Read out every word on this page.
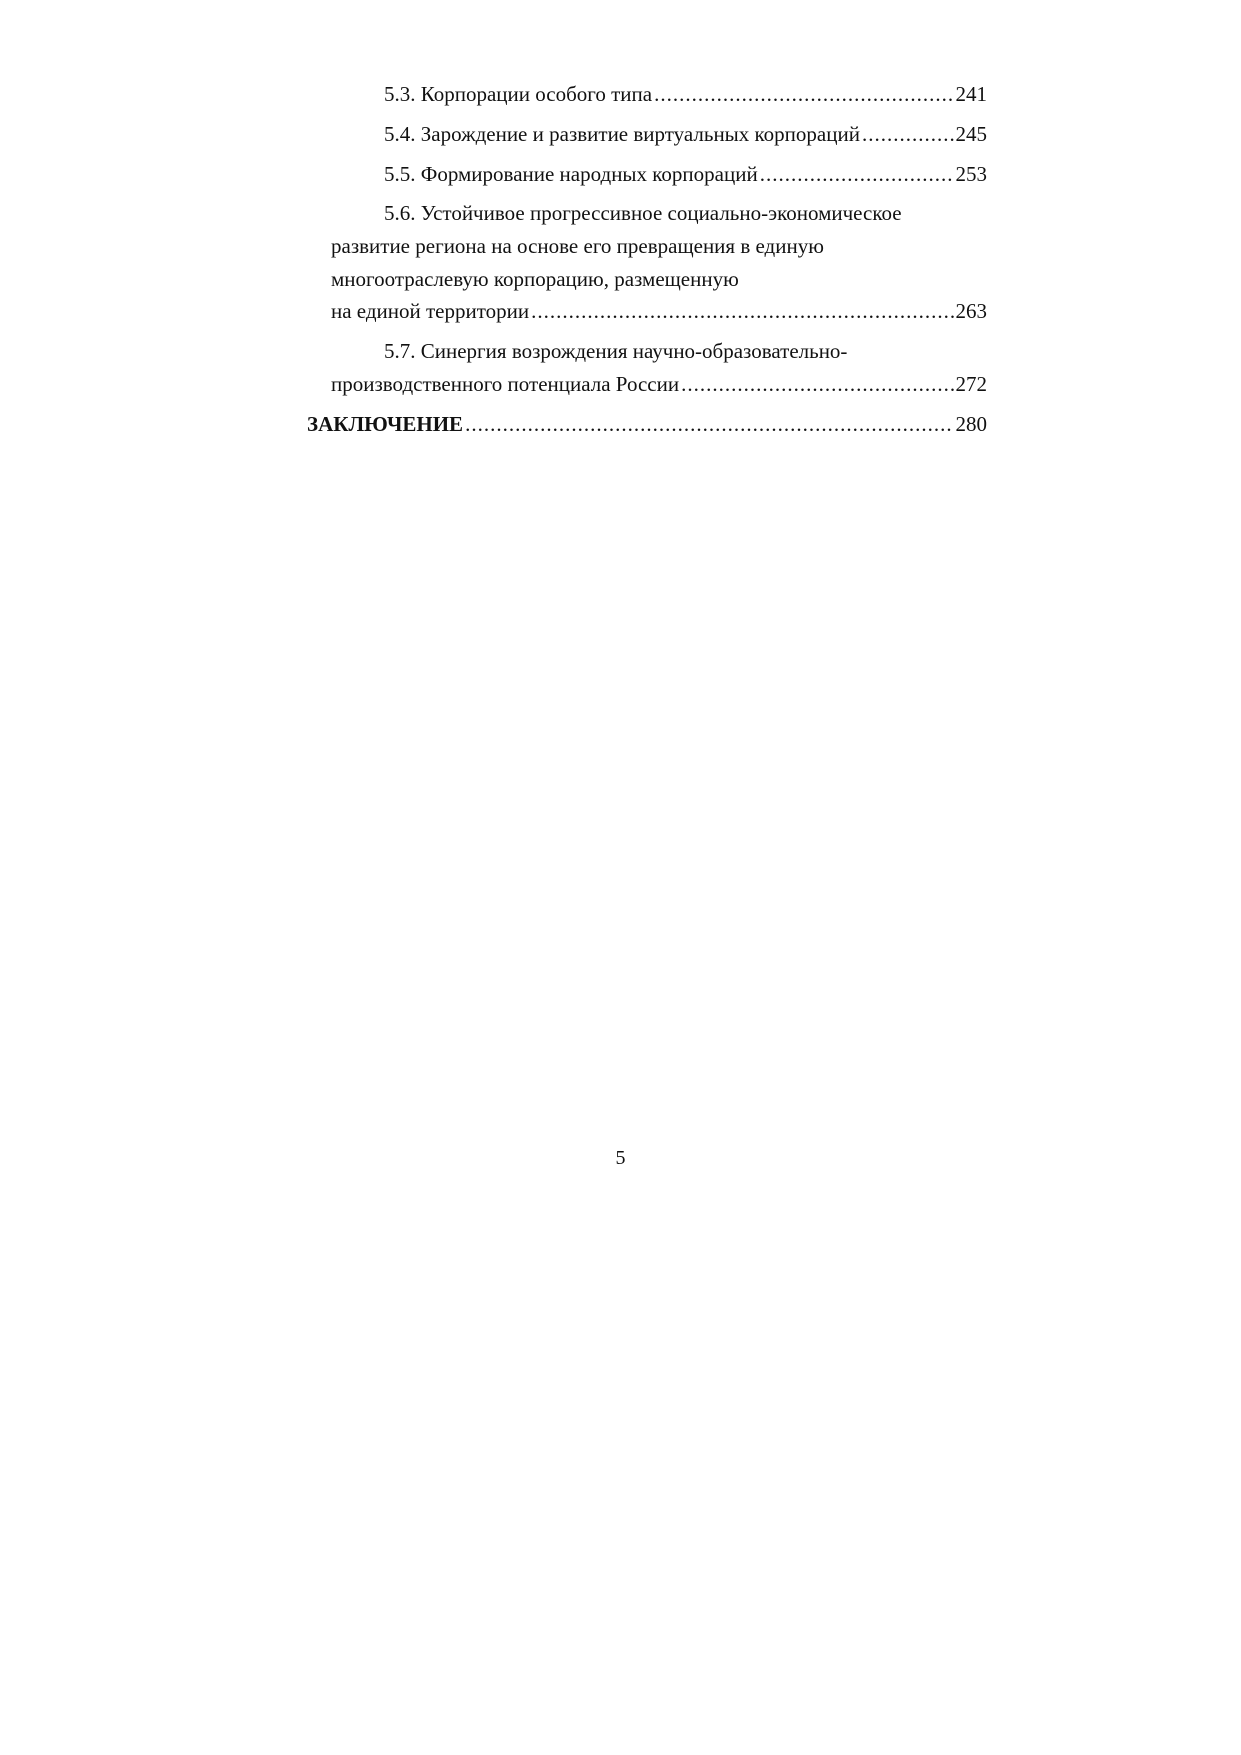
5.3. Корпорации особого типа .....	241
5.4. Зарождение и развитие виртуальных корпораций .....	245
5.5. Формирование народных корпораций .....	253
5.6. Устойчивое прогрессивное социально-экономическое
развитие региона на основе его превращения в единую
многоотраслевую корпорацию, размещенную
на единой территории .....	263
5.7. Синергия возрождения научно-образовательно-
производственного потенциала России .....	272
ЗАКЛЮЧЕНИЕ .....	280
5
